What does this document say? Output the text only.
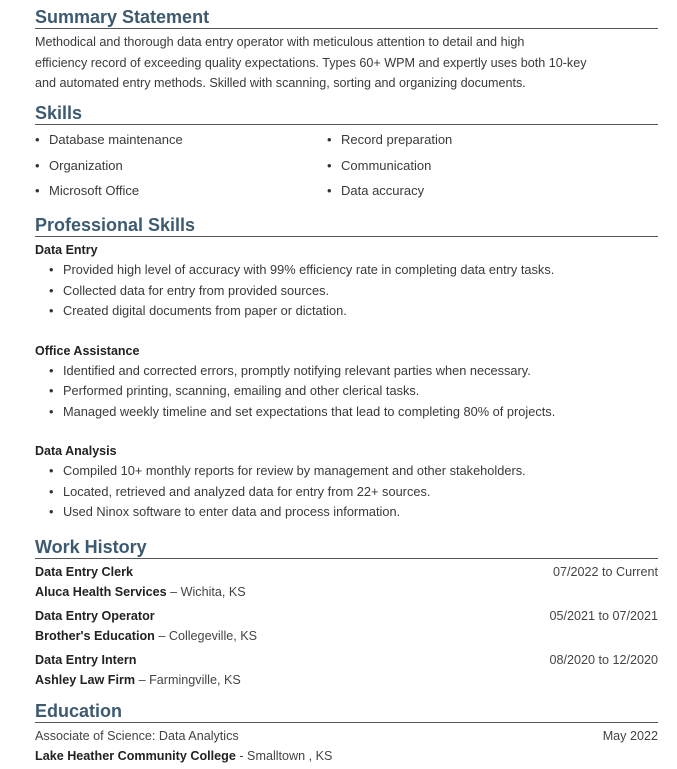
Summary Statement
Methodical and thorough data entry operator with meticulous attention to detail and high
efficiency record of exceeding quality expectations. Types 60+ WPM and expertly uses both 10-key
and automated entry methods. Skilled with scanning, sorting and organizing documents.
Skills
• Database maintenance
• Organization
• Microsoft Office
• Record preparation
• Communication
• Data accuracy
Professional Skills
Data Entry
• Provided high level of accuracy with 99% efficiency rate in completing data entry tasks.
• Collected data for entry from provided sources.
• Created digital documents from paper or dictation.
Office Assistance
• Identified and corrected errors, promptly notifying relevant parties when necessary.
• Performed printing, scanning, emailing and other clerical tasks.
• Managed weekly timeline and set expectations that lead to completing 80% of projects.
Data Analysis
• Compiled 10+ monthly reports for review by management and other stakeholders.
• Located, retrieved and analyzed data for entry from 22+ sources.
• Used Ninox software to enter data and process information.
Work History
Data Entry Clerk	07/2022 to Current
Aluca Health Services – Wichita, KS
Data Entry Operator	05/2021 to 07/2021
Brother's Education – Collegeville, KS
Data Entry Intern	08/2020 to 12/2020
Ashley Law Firm – Farmingville, KS
Education
Associate of Science: Data Analytics	May 2022
Lake Heather Community College - Smalltown , KS
